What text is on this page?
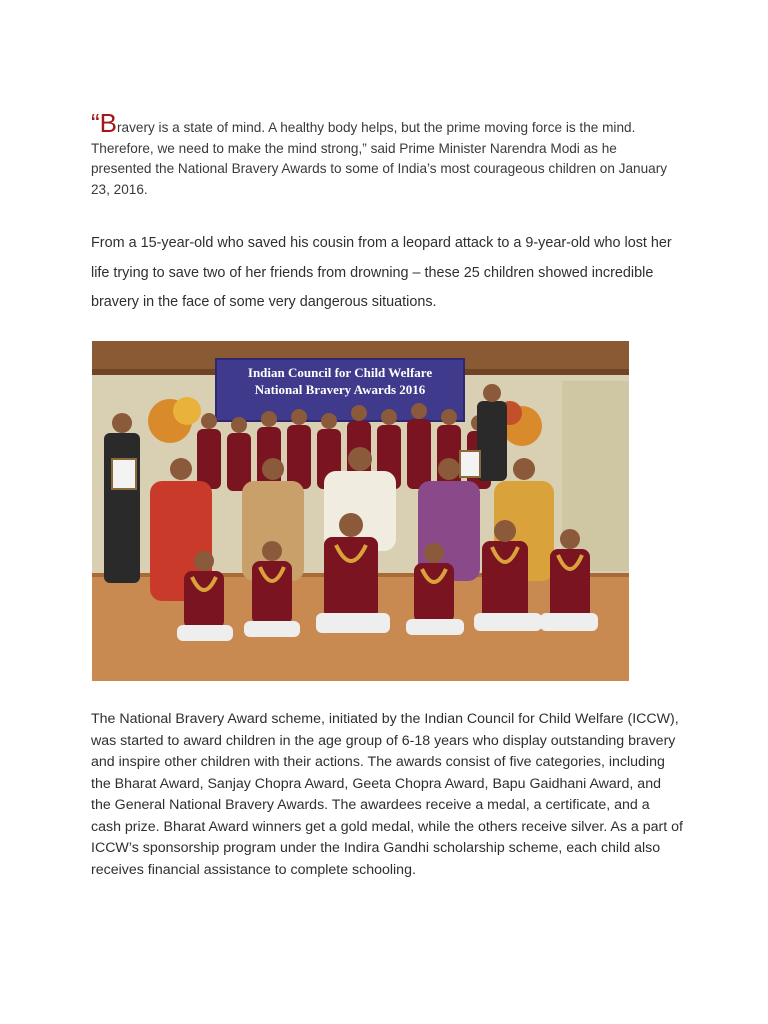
“Bravery is a state of mind. A healthy body helps, but the prime moving force is the mind. Therefore, we need to make the mind strong,” said Prime Minister Narendra Modi as he presented the National Bravery Awards to some of India’s most courageous children on January 23, 2016.

From a 15-year-old who saved his cousin from a leopard attack to a 9-year-old who lost her life trying to save two of her friends from drowning – these 25 children showed incredible bravery in the face of some very dangerous situations.

Indian Council for Child Welfare
National Bravery Awards 2016

The National Bravery Award scheme, initiated by the Indian Council for Child Welfare (ICCW), was started to award children in the age group of 6-18 years who display outstanding bravery and inspire other children with their actions. The awards consist of five categories, including the Bharat Award, Sanjay Chopra Award, Geeta Chopra Award, Bapu Gaidhani Award, and the General National Bravery Awards. The awardees receive a medal, a certificate, and a cash prize. Bharat Award winners get a gold medal, while the others receive silver. As a part of ICCW’s sponsorship program under the Indira Gandhi scholarship scheme, each child also receives financial assistance to complete schooling.
